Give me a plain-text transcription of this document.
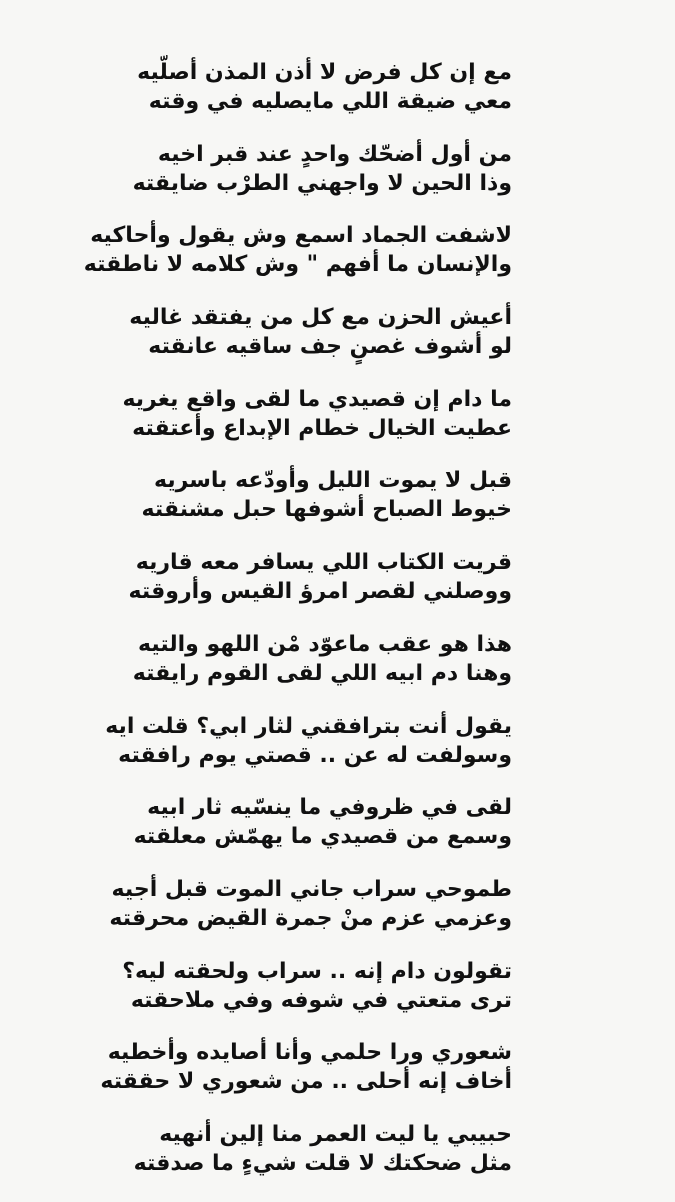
مع إن كل فرض لا أذن المذن أصلّيه
معي ضيقة اللي مايصليه في وقته
من أول أضحّك واحدٍ عند قبر اخيه
وذا الحين لا واجهني الطرْب ضايقته
لاشفت الجماد اسمع وش يقول وأحاكيه
والإنسان ما أفهم " وش كلامه لا ناطقته
أعيش الحزن مع كل من يفتقد غاليه
لو أشوف غصنٍ جف ساقيه عانقته
ما دام إن قصيدي ما لقى واقع يغريه
عطيت الخيال خطام الإبداع وأعتقته
قبل لا يموت الليل وأودّعه باسريه
خيوط الصباح أشوفها حبل مشنقته
قريت الكتاب اللي يسافر معه قاريه
ووصلني لقصر امرؤ القيس وأروقته
هذا هو عقب ماعوّد مْن اللهو والتيه
وهنا دم ابيه اللي لقى القوم رايقته
يقول أنت بترافقني لثار ابي؟ قلت ايه
وسولفت له عن .. قصتي يوم رافقته
لقى في ظروفي ما ينسّيه ثار ابيه
وسمع من قصيدي ما يهمّش معلقته
طموحي سراب جاني الموت قبل أجيه
وعزمي عزم منْ جمرة القيض محرقته
تقولون دام إنه .. سراب ولحقته ليه؟
ترى متعتي في شوفه وفي ملاحقته
شعوري ورا حلمي وأنا أصايده وأخطيه
أخاف إنه أحلى .. من شعوري لا حققته
حبيبي يا ليت العمر منا إلين أنهيه
مثل ضحكتك لا قلت شيءٍ ما صدقته
